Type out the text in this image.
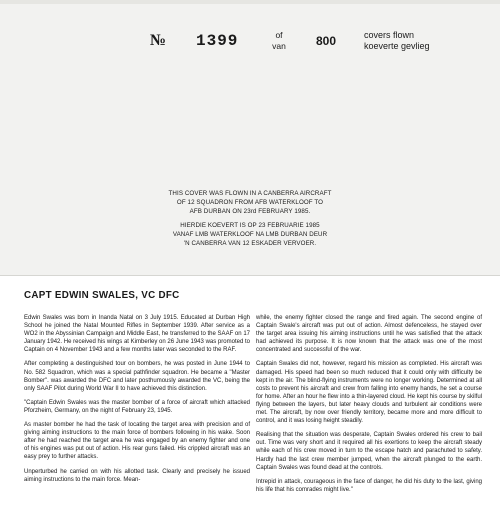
№ 1399	of
van	800	covers flown
koeverte gevlieg
THIS COVER WAS FLOWN IN A CANBERRA AIRCRAFT
OF 12 SQUADRON FROM AFB WATERKLOOF TO
AFB DURBAN ON 23rd FEBRUARY 1985.
HIERDIE KOEVERT IS OP 23 FEBRUARIE 1985
VANAF LMB WATERKLOOF NA LMB DURBAN DEUR
'N CANBERRA VAN 12 ESKADER VERVOER.
CAPT EDWIN SWALES, VC DFC

Edwin Swales was born in Inanda Natal on 3 July 1915. Educated at Durban High School he joined the Natal Mounted Rifles in September 1939. After service as a WO2 in the Abyssinian Campaign and Middle East, he transferred to the SAAF on 17 January 1942. He received his wings at Kimberley on 26 June 1943 was promoted to Captain on 4 November 1943 and a few months later was seconded to the RAF.

After completing a destinguished tour on bombers, he was posted in June 1944 to No. 582 Squadron, which was a special pathfinder squadron. He became a "Master Bomber". was awarded the DFC and later posthumously awarded the VC, being the only SAAF Pilot during World War II to have achieved this distinction.

"Captain Edwin Swales was the master bomber of a force of aircraft which attacked Pforzheim, Germany, on the night of February 23, 1945.

As master bomber he had the task of locating the target area with precision and of giving aiming instructions to the main force of bombers following in his wake. Soon after he had reached the target area he was engaged by an enemy fighter and one of his engines was put out of action. His rear guns failed. His crippled aircraft was an easy prey to further attacks.

Unperturbed he carried on with his allotted task. Clearly and precisely he issued aiming instructions to the main force. Mean-

while, the enemy fighter closed the range and fired again. The second engine of Captain Swale's aircraft was put out of action. Almost defenceless, he stayed over the target area issuing his aiming instructions until he was satisfied that the attack had achieved its purpose. It is now known that the attack was one of the most concentrated and successful of the war.

Captain Swales did not, however, regard his mission as completed. His aircraft was damaged. His speed had been so much reduced that it could only with difficulty be kept in the air. The blind-flying instruments were no longer working. Determined at all costs to prevent his aircraft and crew from falling into enemy hands, he set a course for home. After an hour he flew into a thin-layered cloud. He kept his course by skilful flying between the layers, but later heavy clouds and turbulent air conditions were met. The aircraft, by now over friendly territory, became more and more difficult to control, and it was losing height steadily.

Realising that the situation was desperate, Captain Swales ordered his crew to bail out. Time was very short and it required all his exertions to keep the aircraft steady while each of his crew moved in turn to the escape hatch and parachuted to safety. Hardly had the last crew member jumped, when the aircraft plunged to the earth. Captain Swales was found dead at the controls.

Intrepid in attack, courageous in the face of danger, he did his duty to the last, giving his life that his comrades might live."
